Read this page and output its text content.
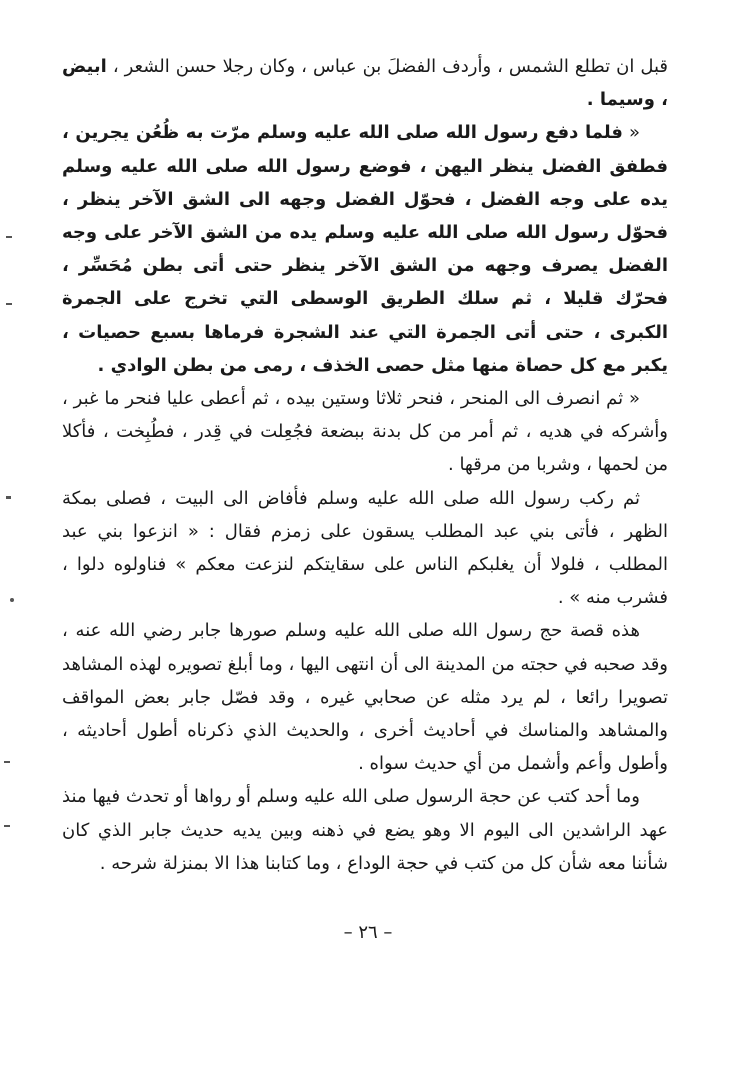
قبل ان تطلع الشمس ، وأردف الفضلَ بن عباس ، وكان رجلا حسن الشعر ، ابيض ، وسيما .

« فلما دفع رسول الله صلى الله عليه وسلم مرّت به ظُعُن يجرين ، فطفق الفضل ينظر اليهن ، فوضع رسول الله صلى الله عليه وسلم يده على وجه الفضل ، فحوّل الفضل وجهه الى الشق الآخر ينظر ، فحوّل رسول الله صلى الله عليه وسلم يده من الشق الآخر على وجه الفضل يصرف وجهه من الشق الآخر ينظر حتى أتى بطن مُحَسِّر ، فحرّك قليلا ، ثم سلك الطريق الوسطى التي تخرج على الجمرة الكبرى ، حتى أتى الجمرة التي عند الشجرة فرماها بسبع حصيات ، يكبر مع كل حصاة منها مثل حصى الخذف ، رمى من بطن الوادي .

« ثم انصرف الى المنحر ، فنحر ثلاثا وستين بيده ، ثم أعطى عليا فنحر ما غبر ، وأشركه في هديه ، ثم أمر من كل بدنة ببضعة فجُعِلت في قِدر ، فطُبِخت ، فأكلا من لحمها ، وشربا من مرقها .

ثم ركب رسول الله صلى الله عليه وسلم فأفاض الى البيت ، فصلى بمكة الظهر ، فأتى بني عبد المطلب يسقون على زمزم فقال : « انزعوا بني عبد المطلب ، فلولا أن يغلبكم الناس على سقايتكم لنزعت معكم » فناولوه دلوا ، فشرب منه » .

هذه قصة حج رسول الله صلى الله عليه وسلم صورها جابر رضي الله عنه ، وقد صحبه في حجته من المدينة الى أن انتهى اليها ، وما أبلغ تصويره لهذه المشاهد تصويرا رائعا ، لم يرد مثله عن صحابي غيره ، وقد فصّل جابر بعض المواقف والمشاهد والمناسك في أحاديث أخرى ، والحديث الذي ذكرناه أطول أحاديثه ، وأطول وأعم وأشمل من أي حديث سواه .

وما أحد كتب عن حجة الرسول صلى الله عليه وسلم أو رواها أو تحدث فيها منذ عهد الراشدين الى اليوم الا وهو يضع في ذهنه وبين يديه حديث جابر الذي كان شأننا معه شأن كل من كتب في حجة الوداع ، وما كتابنا هذا الا بمنزلة شرحه .

– ٢٦ –
